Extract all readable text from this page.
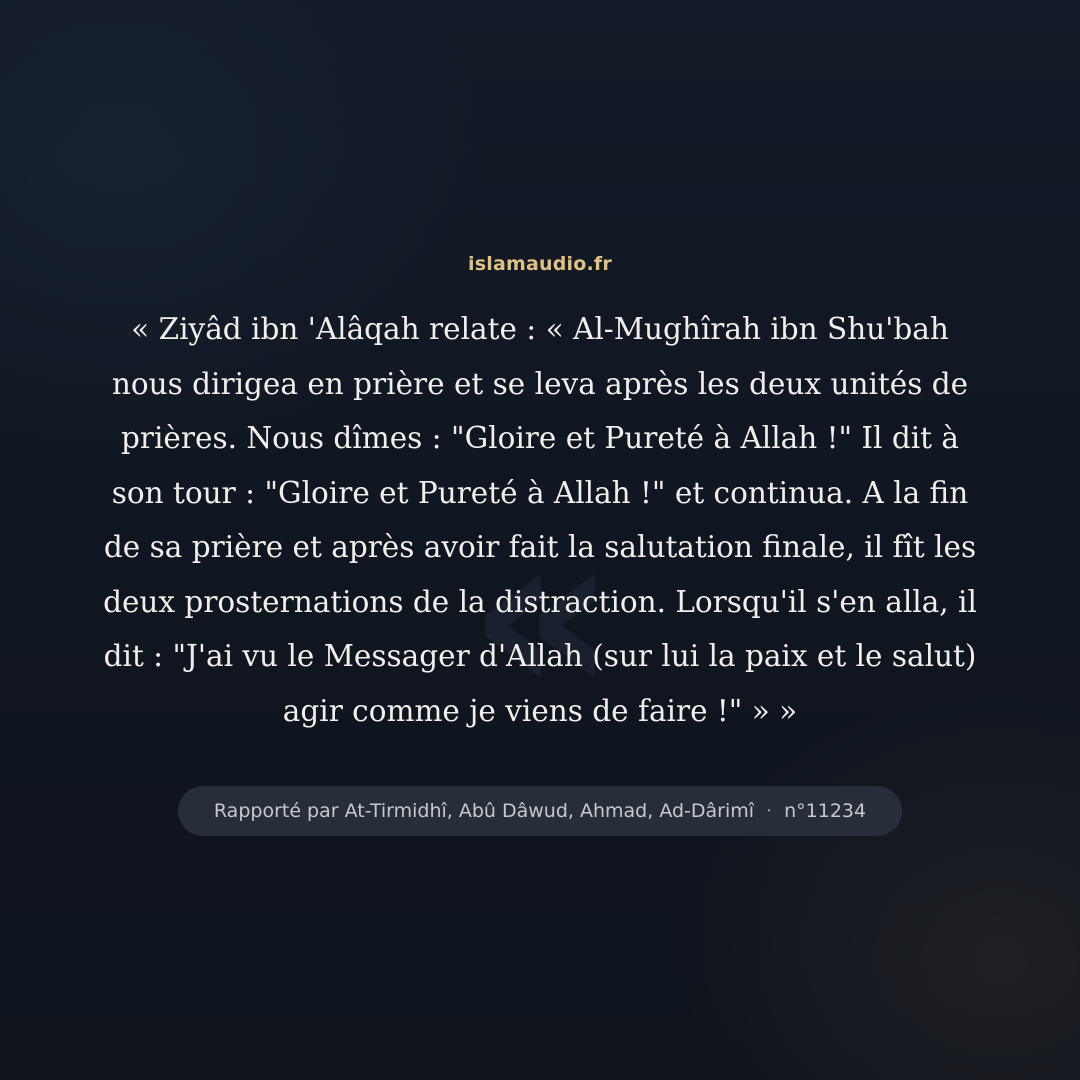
«
islamaudio.fr

« Ziyâd ibn 'Alâqah relate : « Al-Mughîrah ibn Shu'bah nous dirigea en prière et se leva après les deux unités de prières. Nous dîmes : "Gloire et Pureté à Allah !" Il dit à son tour : "Gloire et Pureté à Allah !" et continua. A la fin de sa prière et après avoir fait la salutation finale, il fît les deux prosternations de la distraction. Lorsqu'il s'en alla, il dit : "J'ai vu le Messager d'Allah (sur lui la paix et le salut) agir comme je viens de faire !" » »

Rapporté par At-Tirmidhî, Abû Dâwud, Ahmad, Ad-Dârimî · n°11234
